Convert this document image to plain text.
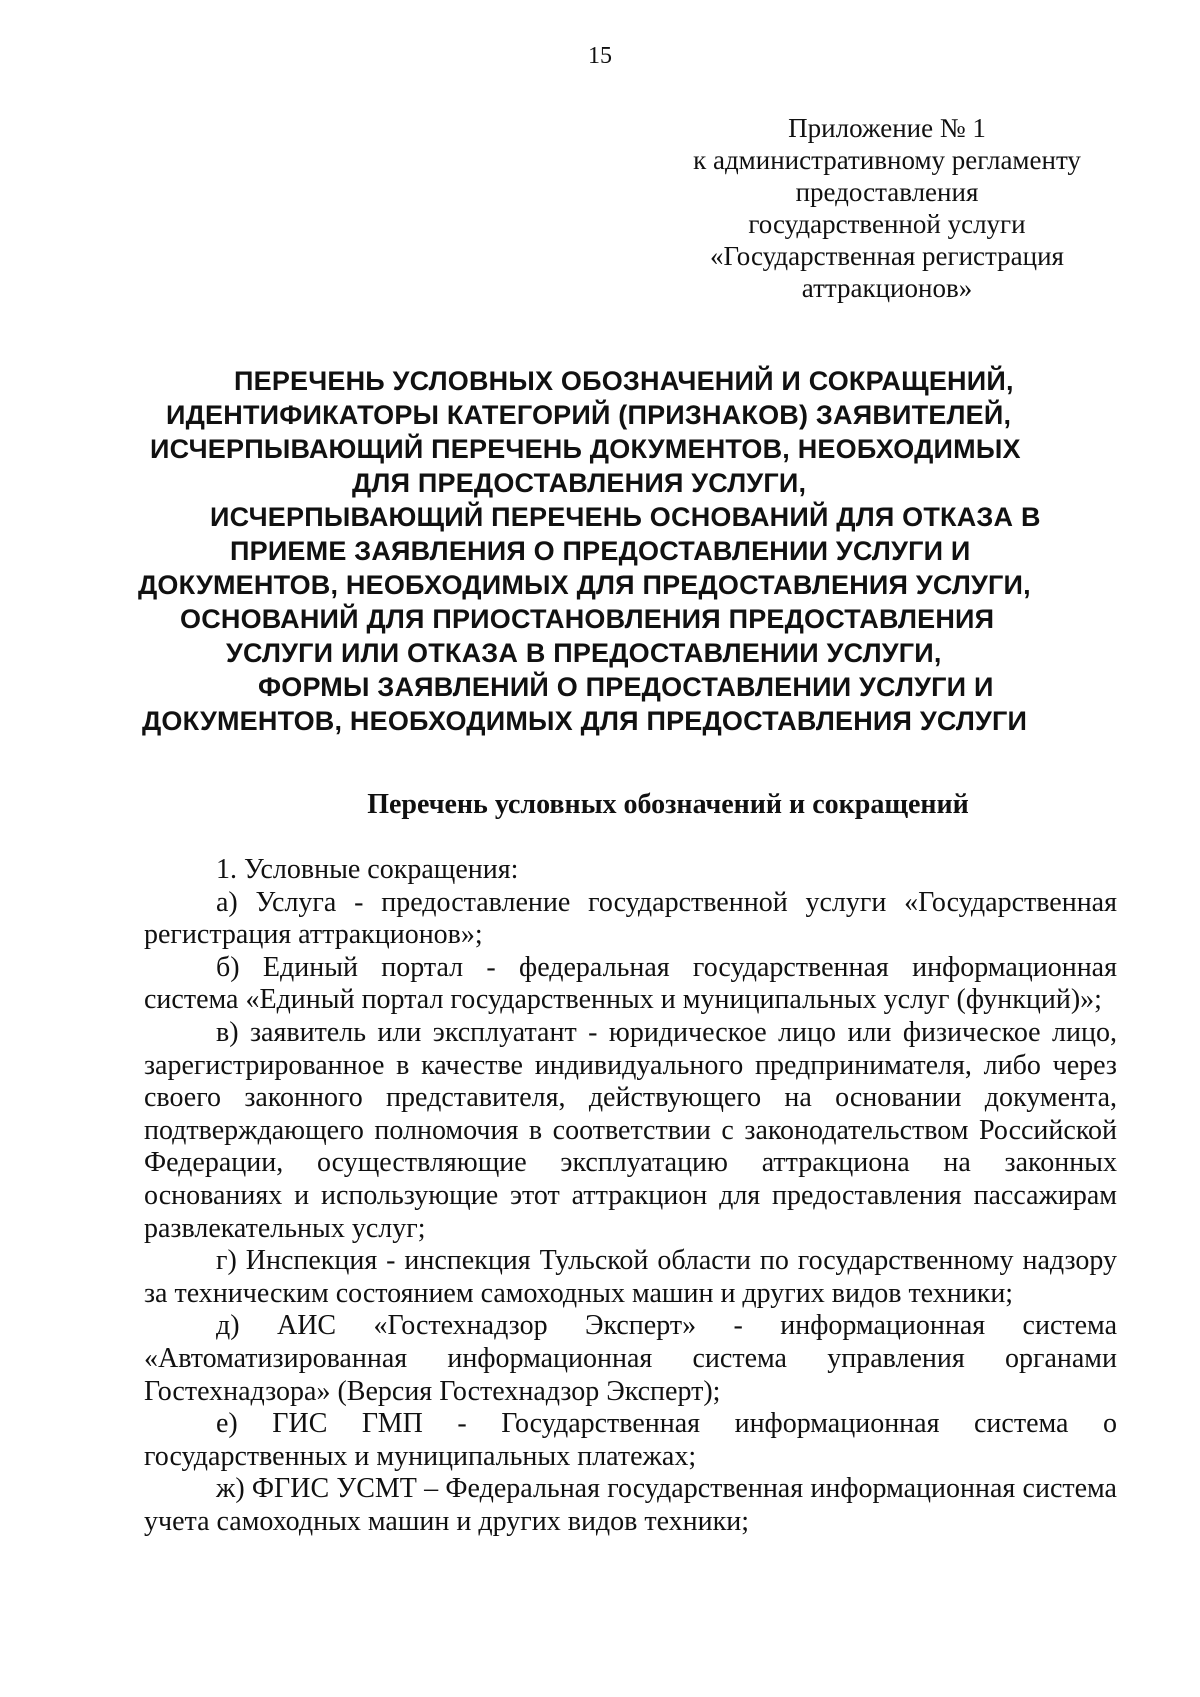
15
Приложение № 1
к административному регламенту
предоставления
государственной услуги
«Государственная регистрация
аттракционов»
ПЕРЕЧЕНЬ УСЛОВНЫХ ОБОЗНАЧЕНИЙ И СОКРАЩЕНИЙ,
ИДЕНТИФИКАТОРЫ КАТЕГОРИЙ (ПРИЗНАКОВ) ЗАЯВИТЕЛЕЙ,
ИСЧЕРПЫВАЮЩИЙ ПЕРЕЧЕНЬ ДОКУМЕНТОВ, НЕОБХОДИМЫХ
ДЛЯ ПРЕДОСТАВЛЕНИЯ УСЛУГИ,
ИСЧЕРПЫВАЮЩИЙ ПЕРЕЧЕНЬ ОСНОВАНИЙ ДЛЯ ОТКАЗА В
ПРИЕМЕ ЗАЯВЛЕНИЯ О ПРЕДОСТАВЛЕНИИ УСЛУГИ И
ДОКУМЕНТОВ, НЕОБХОДИМЫХ ДЛЯ ПРЕДОСТАВЛЕНИЯ УСЛУГИ,
ОСНОВАНИЙ ДЛЯ ПРИОСТАНОВЛЕНИЯ ПРЕДОСТАВЛЕНИЯ
УСЛУГИ ИЛИ ОТКАЗА В ПРЕДОСТАВЛЕНИИ УСЛУГИ,
ФОРМЫ ЗАЯВЛЕНИЙ О ПРЕДОСТАВЛЕНИИ УСЛУГИ И
ДОКУМЕНТОВ, НЕОБХОДИМЫХ ДЛЯ ПРЕДОСТАВЛЕНИЯ УСЛУГИ
Перечень условных обозначений и сокращений

1. Условные сокращения:

а) Услуга - предоставление государственной услуги «Государственная регистрация аттракционов»;

б) Единый портал - федеральная государственная информационная система «Единый портал государственных и муниципальных услуг (функций)»;

в) заявитель или эксплуатант - юридическое лицо или физическое лицо, зарегистрированное в качестве индивидуального предпринимателя, либо через своего законного представителя, действующего на основании документа, подтверждающего полномочия в соответствии с законодательством Российской Федерации, осуществляющие эксплуатацию аттракциона на законных основаниях и использующие этот аттракцион для предоставления пассажирам развлекательных услуг;

г) Инспекция - инспекция Тульской области по государственному надзору за техническим состоянием самоходных машин и других видов техники;

д) АИС «Гостехнадзор Эксперт» - информационная система «Автоматизированная информационная система управления органами Гостехнадзора» (Версия Гостехнадзор Эксперт);

е) ГИС ГМП - Государственная информационная система о государственных и муниципальных платежах;

ж) ФГИС УСМТ – Федеральная государственная информационная система учета самоходных машин и других видов техники;
